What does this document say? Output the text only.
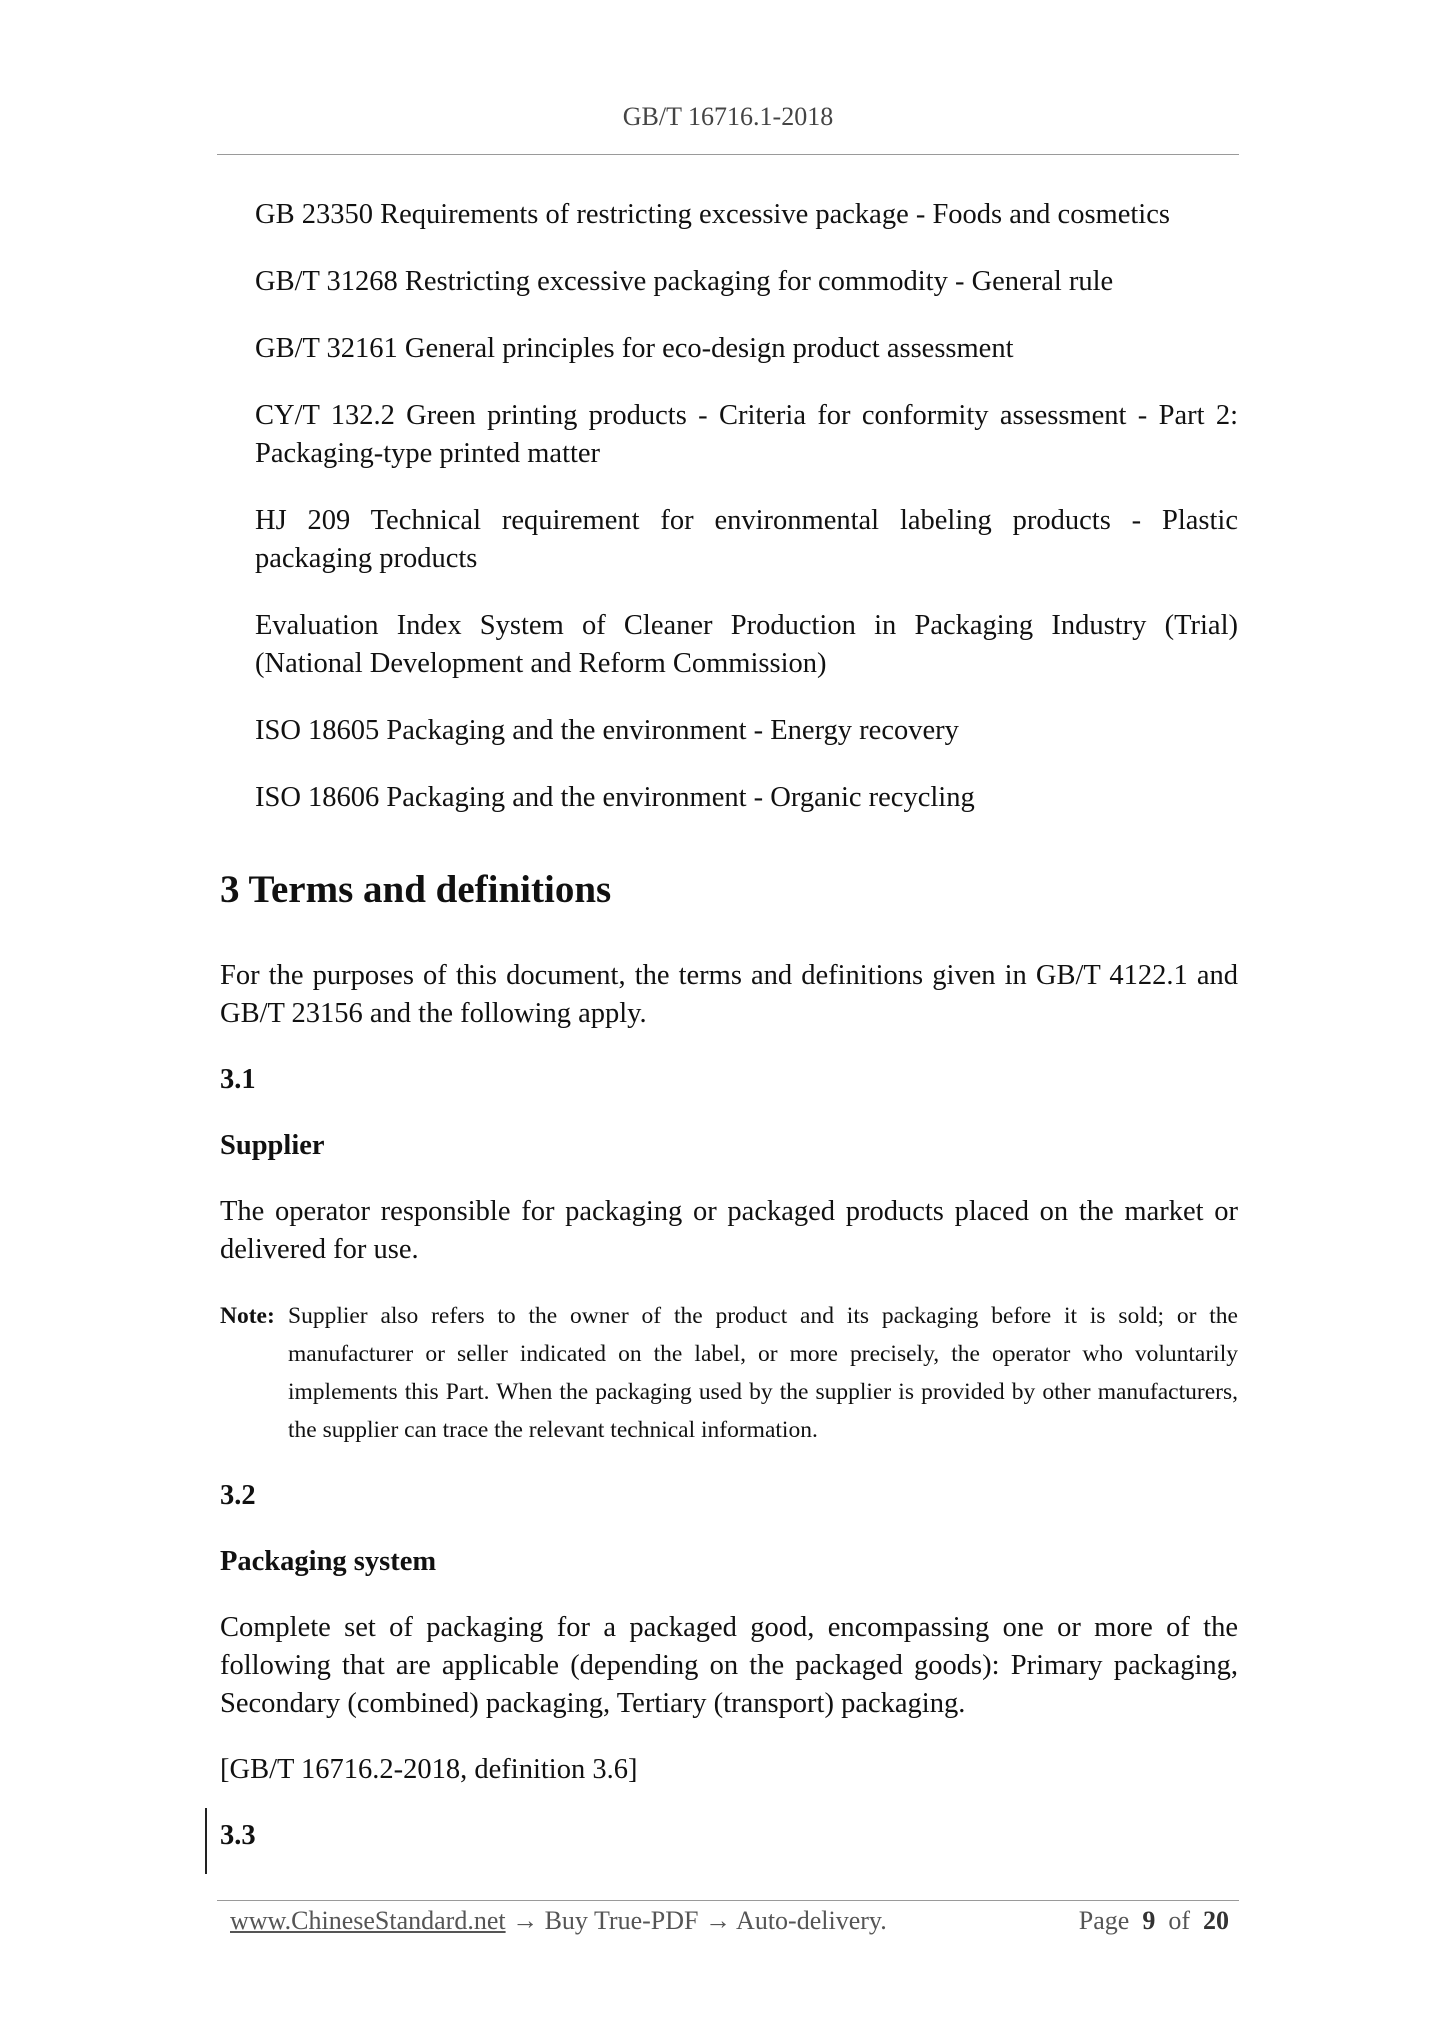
GB/T 16716.1-2018
GB 23350 Requirements of restricting excessive package - Foods and cosmetics
GB/T 31268 Restricting excessive packaging for commodity - General rule
GB/T 32161 General principles for eco-design product assessment
CY/T 132.2 Green printing products - Criteria for conformity assessment - Part 2: Packaging-type printed matter
HJ 209 Technical requirement for environmental labeling products - Plastic packaging products
Evaluation Index System of Cleaner Production in Packaging Industry (Trial) (National Development and Reform Commission)
ISO 18605 Packaging and the environment - Energy recovery
ISO 18606 Packaging and the environment - Organic recycling
3 Terms and definitions
For the purposes of this document, the terms and definitions given in GB/T 4122.1 and GB/T 23156 and the following apply.
3.1
Supplier
The operator responsible for packaging or packaged products placed on the market or delivered for use.
Note: Supplier also refers to the owner of the product and its packaging before it is sold; or the manufacturer or seller indicated on the label, or more precisely, the operator who voluntarily implements this Part. When the packaging used by the supplier is provided by other manufacturers, the supplier can trace the relevant technical information.
3.2
Packaging system
Complete set of packaging for a packaged good, encompassing one or more of the following that are applicable (depending on the packaged goods): Primary packaging, Secondary (combined) packaging, Tertiary (transport) packaging.
[GB/T 16716.2-2018, definition 3.6]
3.3
www.ChineseStandard.net → Buy True-PDF → Auto-delivery.	Page 9 of 20
